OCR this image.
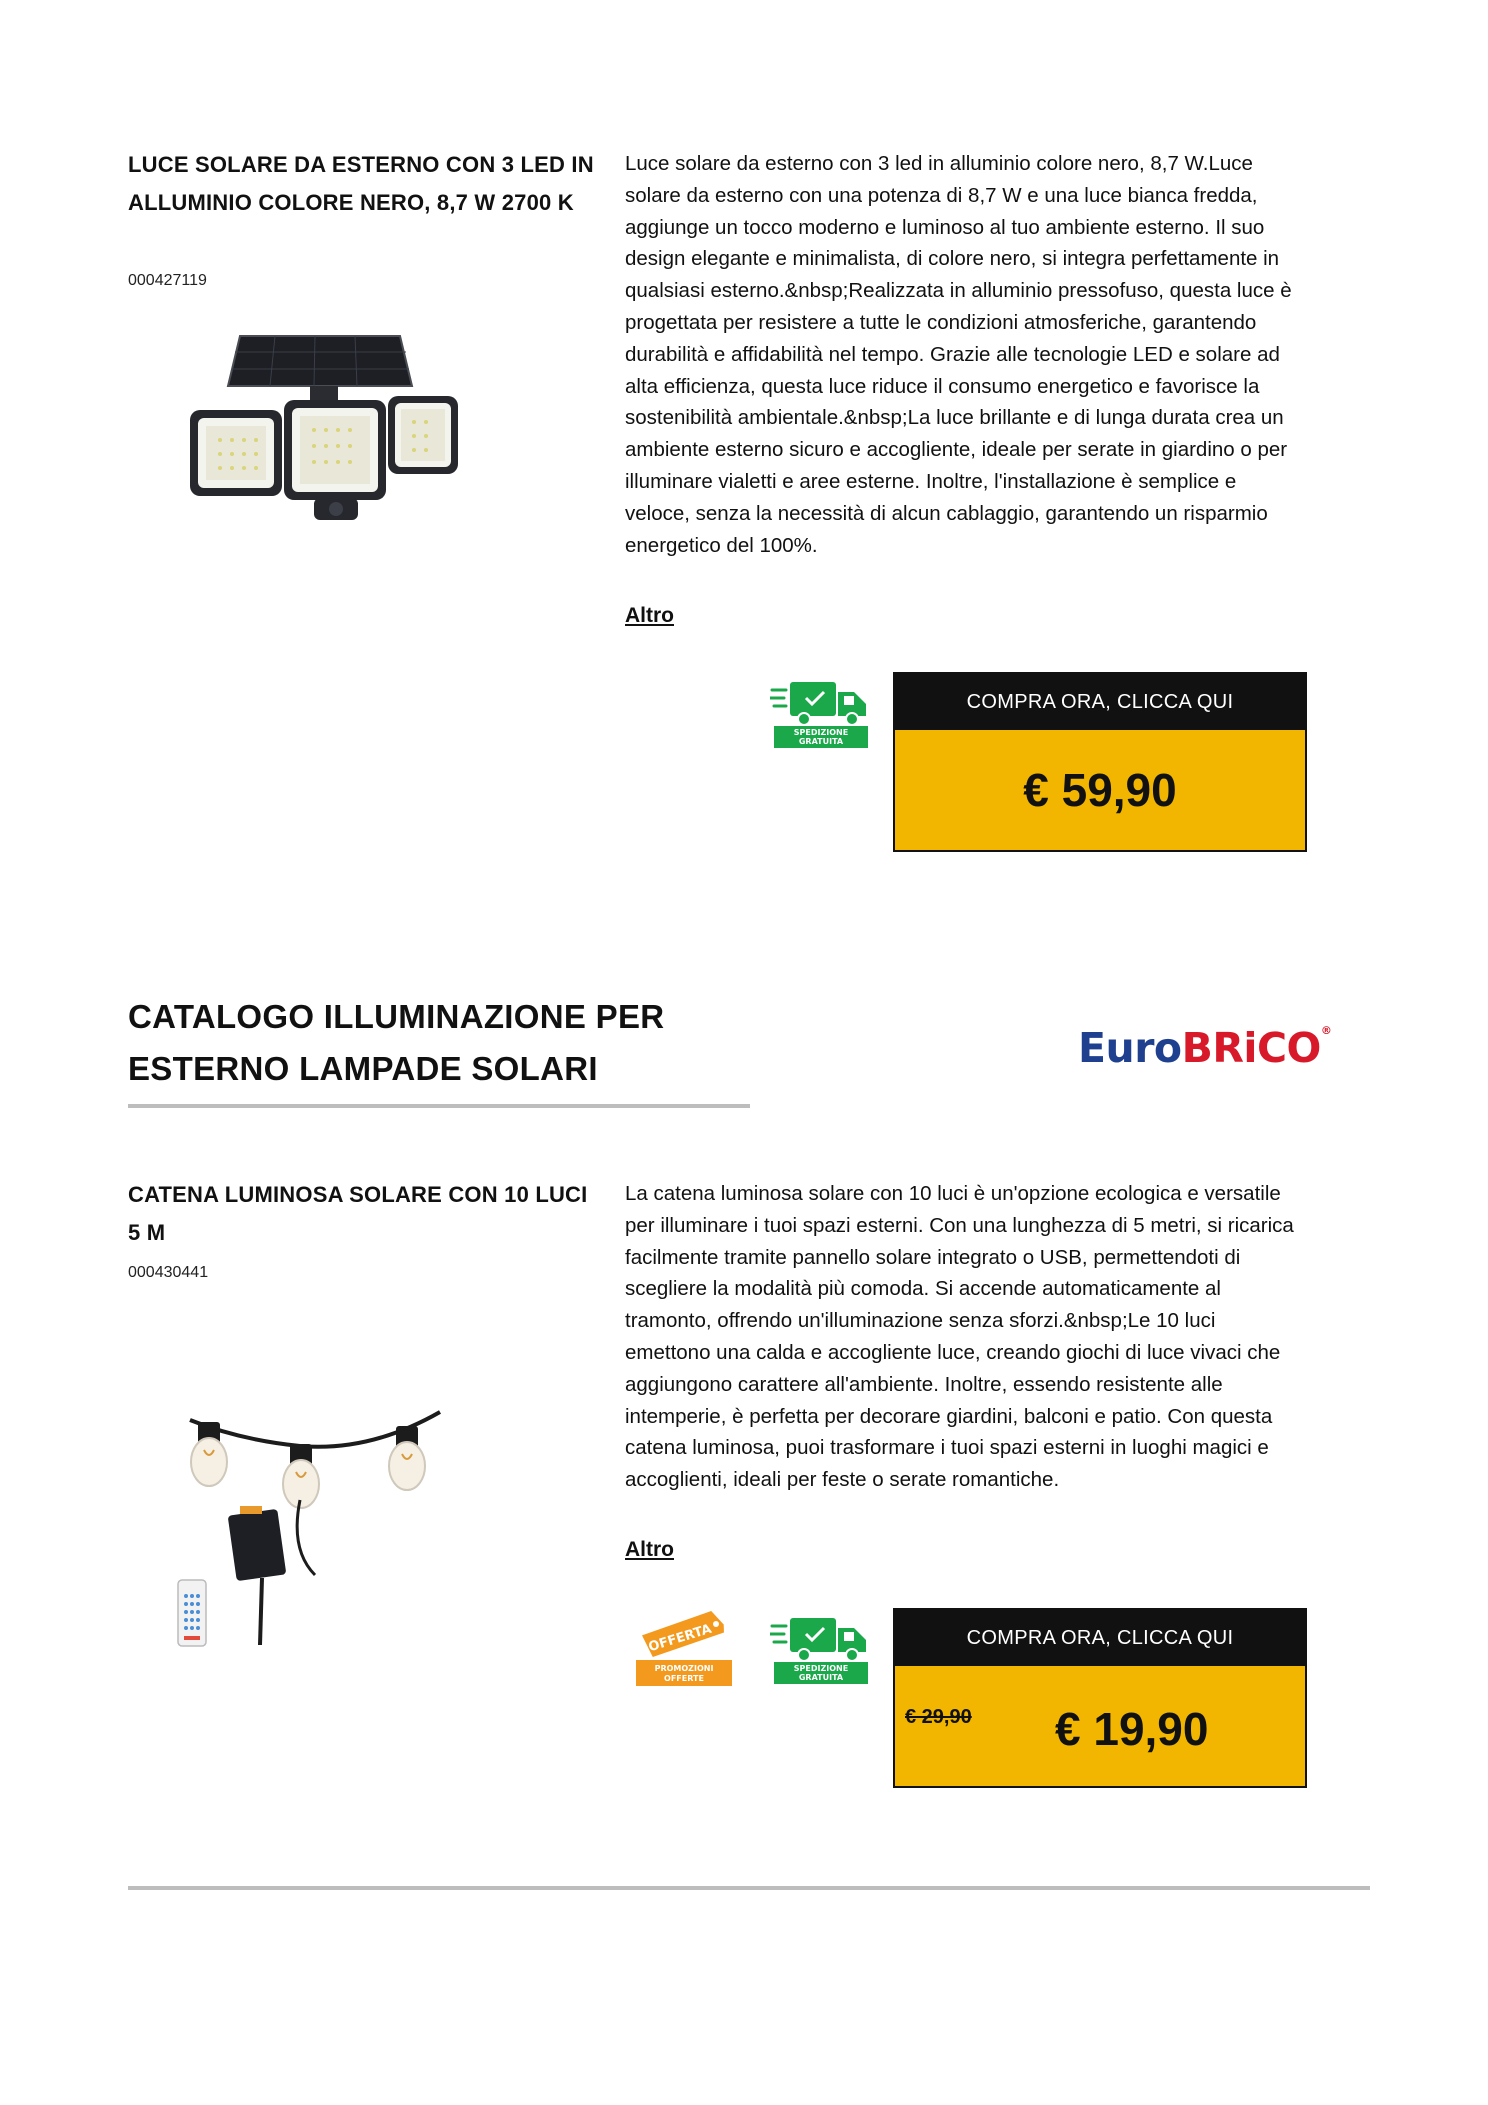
LUCE SOLARE DA ESTERNO CON 3 LED IN ALLUMINIO COLORE NERO, 8,7 W 2700 K
000427119

Luce solare da esterno con 3 led in alluminio colore nero, 8,7 W.Luce solare da esterno con una potenza di 8,7 W e una luce bianca fredda, aggiunge un tocco moderno e luminoso al tuo ambiente esterno. Il suo design elegante e minimalista, di colore nero, si integra perfettamente in qualsiasi esterno.&nbsp;Realizzata in alluminio pressofuso, questa luce è progettata per resistere a tutte le condizioni atmosferiche, garantendo durabilità e affidabilità nel tempo. Grazie alle tecnologie LED e solare ad alta efficienza, questa luce riduce il consumo energetico e favorisce la sostenibilità ambientale.&nbsp;La luce brillante e di lunga durata crea un ambiente esterno sicuro e accogliente, ideale per serate in giardino o per illuminare vialetti e aree esterne. Inoltre, l'installazione è semplice e veloce, senza la necessità di alcun cablaggio, garantendo un risparmio energetico del 100%.

Altro
SPEDIZIONE
GRATUITA
COMPRA ORA, CLICCA QUI
€ 59,90
CATALOGO ILLUMINAZIONE PER ESTERNO LAMPADE SOLARI	EuroBRiCO®
CATENA LUMINOSA SOLARE CON 10 LUCI 5 M
000430441

La catena luminosa solare con 10 luci è un'opzione ecologica e versatile per illuminare i tuoi spazi esterni. Con una lunghezza di 5 metri, si ricarica facilmente tramite pannello solare integrato o USB, permettendoti di scegliere la modalità più comoda. Si accende automaticamente al tramonto, offrendo un'illuminazione senza sforzi.&nbsp;Le 10 luci emettono una calda e accogliente luce, creando giochi di luce vivaci che aggiungono carattere all'ambiente. Inoltre, essendo resistente alle intemperie, è perfetta per decorare giardini, balconi e patio. Con questa catena luminosa, puoi trasformare i tuoi spazi esterni in luoghi magici e accoglienti, ideali per feste o serate romantiche.

Altro
OFFERTA
PROMOZIONI
OFFERTE
SPEDIZIONE
GRATUITA
COMPRA ORA, CLICCA QUI
€ 29,90 € 19,90
